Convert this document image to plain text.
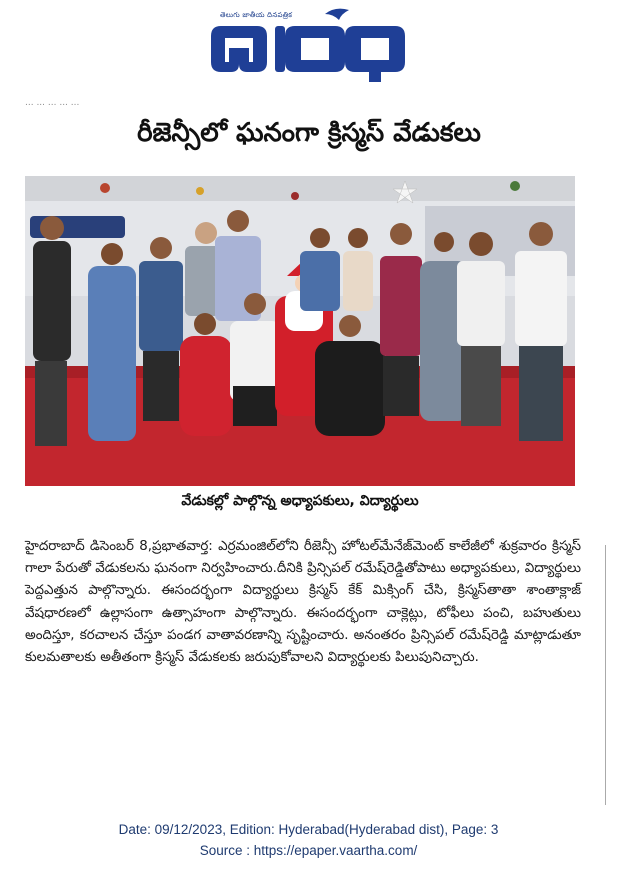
తెలుగు జాతీయ దినపత్రిక
... ... ... ... ...
రీజెన్సీలో ఘనంగా క్రిస్మస్ వేడుకలు
వేడుకల్లో పాల్గొన్న అధ్యాపకులు, విద్యార్థులు
హైదరాబాద్ డిసెంబర్ 8,ప్రభాతవార్త: ఎర్రమంజిల్‌లోని రీజెన్సీ హోటల్‌మేనేజ్‌మెంట్ కాలేజీలో శుక్రవారం క్రిస్మస్ గాలా పేరుతో వేడుకలను ఘనంగా నిర్వహించారు.దీనికి ప్రిన్సిపల్ రమేష్‌రెడ్డితోపాటు అధ్యాపకులు, విద్యార్థులు పెద్దఎత్తున పాల్గొన్నారు. ఈసందర్భంగా విద్యార్థులు క్రిస్మస్ కేక్ మిక్సింగ్ చేసి, క్రిస్మస్‌తాతా శాంతాక్లాజ్ వేషధారణలో ఉల్లాసంగా ఉత్సాహంగా పాల్గొన్నారు. ఈసందర్భంగా చాక్లెట్లు, టోఫీలు పంచి, బహుతులు అందిస్తూ, కరచాలన చేస్తూ పండగ వాతావరణాన్ని సృష్టించారు. అనంతరం ప్రిన్సిపల్ రమేష్‌రెడ్డి మాట్లాడుతూ కులమతాలకు అతీతంగా క్రిస్మస్ వేడుకలకు జరుపుకోవాలని విద్యార్థులకు పిలుపునిచ్చారు.
Date: 09/12/2023, Edition: Hyderabad(Hyderabad dist), Page: 3
Source : https://epaper.vaartha.com/
